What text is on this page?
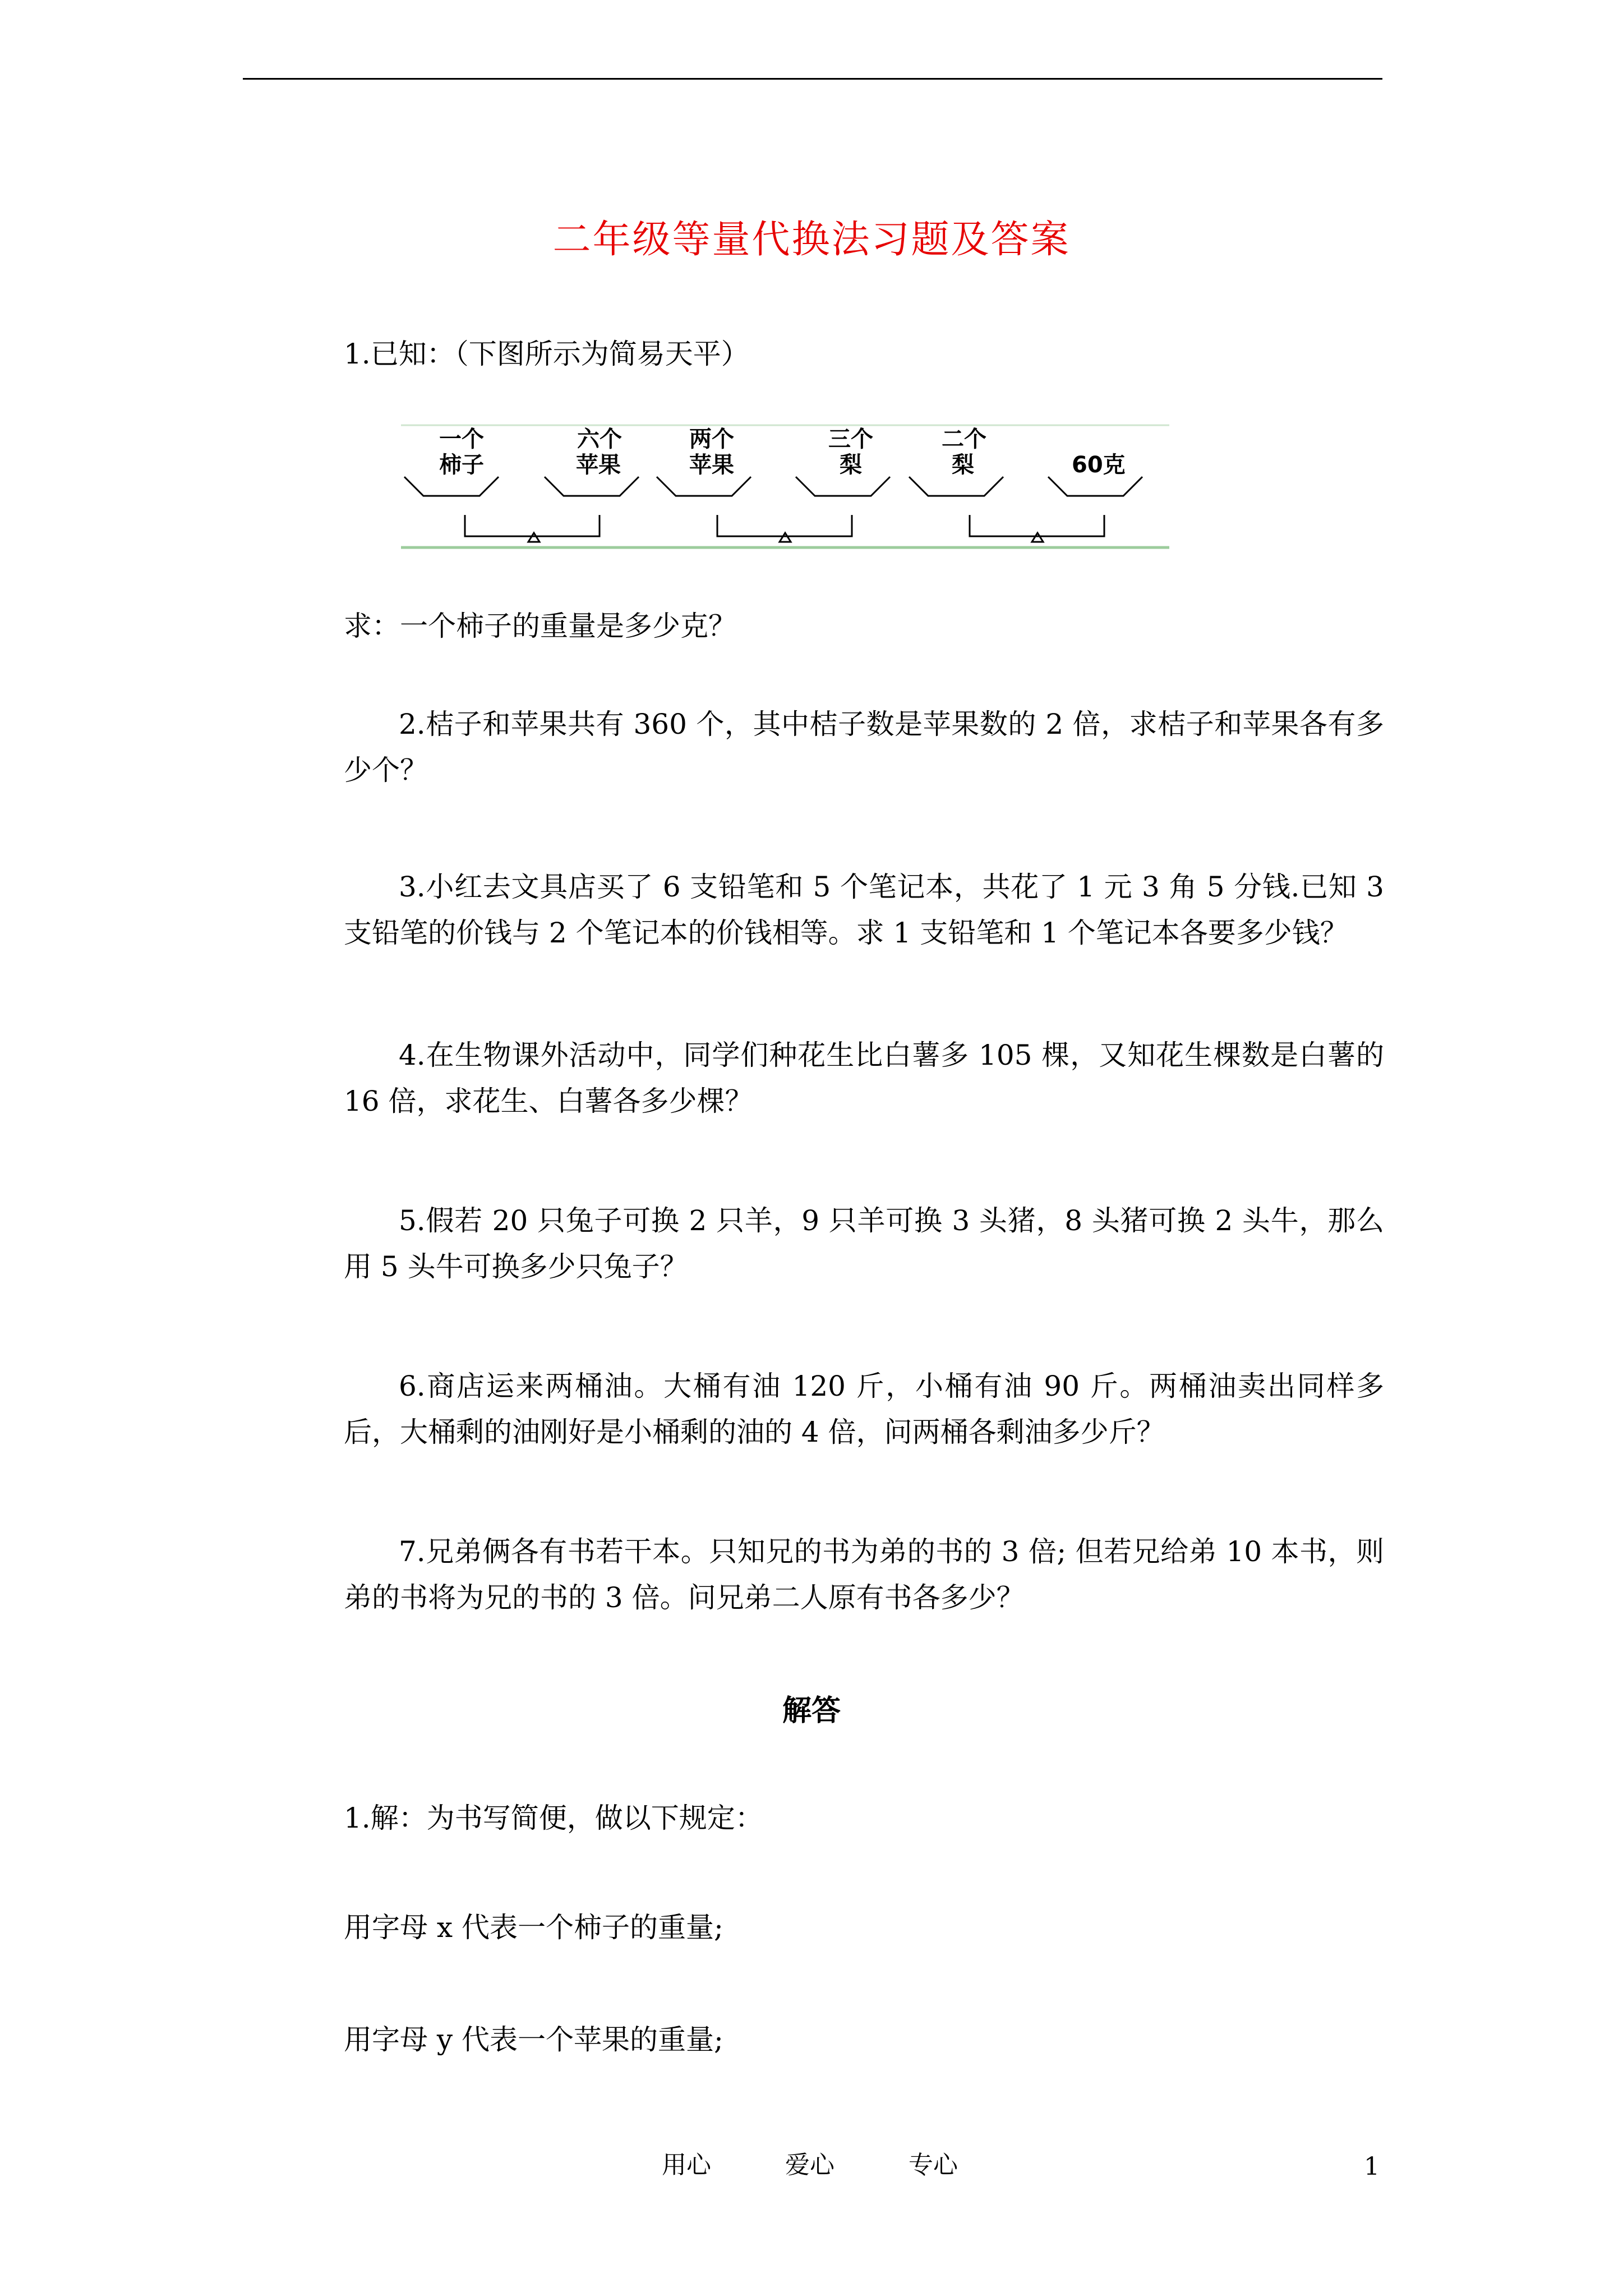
二年级等量代换法习题及答案

1.已知：（下图所示为简易天平）

一个
柿子
六个
苹果
两个
苹果
三个
梨
二个
梨	60克

求：一个柿子的重量是多少克？

2.桔子和苹果共有 360 个，其中桔子数是苹果数的 2 倍，求桔子和苹果各有多少个？

3.小红去文具店买了 6 支铅笔和 5 个笔记本，共花了 1 元 3 角 5 分钱.已知 3 支铅笔的价钱与 2 个笔记本的价钱相等。求 1 支铅笔和 1 个笔记本各要多少钱？

4.在生物课外活动中，同学们种花生比白薯多 105 棵，又知花生棵数是白薯的 16 倍，求花生、白薯各多少棵？

5.假若 20 只兔子可换 2 只羊，9 只羊可换 3 头猪，8 头猪可换 2 头牛，那么用 5 头牛可换多少只兔子？

6.商店运来两桶油。大桶有油 120 斤，小桶有油 90 斤。两桶油卖出同样多后，大桶剩的油刚好是小桶剩的油的 4 倍，问两桶各剩油多少斤？

7.兄弟俩各有书若干本。只知兄的书为弟的书的 3 倍; 但若兄给弟 10 本书，则弟的书将为兄的书的 3 倍。问兄弟二人原有书各多少？

解答

1.解：为书写简便，做以下规定：

用字母 x 代表一个柿子的重量;

用字母 y 代表一个苹果的重量;

用心	爱心	专心	1
